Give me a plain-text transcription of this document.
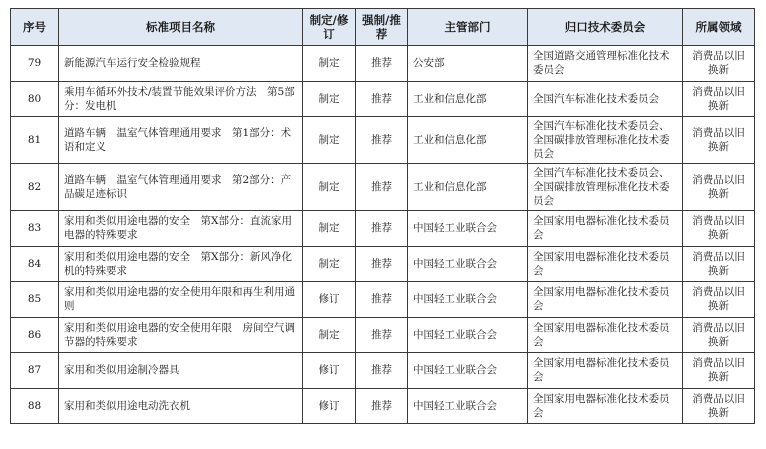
序号	标准项目名称	制定/修订	强制/推荐	主管部门	归口技术委员会	所属领域
79	新能源汽车运行安全检验规程	制定	推荐	公安部	全国道路交通管理标准化技术委员会	消费品以旧换新
80	乘用车循环外技术/装置节能效果评价方法　第5部分：发电机	制定	推荐	工业和信息化部	全国汽车标准化技术委员会	消费品以旧换新
81	道路车辆　温室气体管理通用要求　第1部分：术语和定义	制定	推荐	工业和信息化部	全国汽车标准化技术委员会、全国碳排放管理标准化技术委员会	消费品以旧换新
82	道路车辆　温室气体管理通用要求　第2部分：产品碳足迹标识	制定	推荐	工业和信息化部	全国汽车标准化技术委员会、全国碳排放管理标准化技术委员会	消费品以旧换新
83	家用和类似用途电器的安全　第X部分：直流家用电器的特殊要求	制定	推荐	中国轻工业联合会	全国家用电器标准化技术委员会	消费品以旧换新
84	家用和类似用途电器的安全　第X部分：新风净化机的特殊要求	制定	推荐	中国轻工业联合会	全国家用电器标准化技术委员会	消费品以旧换新
85	家用和类似用途电器的安全使用年限和再生利用通则	修订	推荐	中国轻工业联合会	全国家用电器标准化技术委员会	消费品以旧换新
86	家用和类似用途电器的安全使用年限　房间空气调节器的特殊要求	制定	推荐	中国轻工业联合会	全国家用电器标准化技术委员会	消费品以旧换新
87	家用和类似用途制冷器具	修订	推荐	中国轻工业联合会	全国家用电器标准化技术委员会	消费品以旧换新
88	家用和类似用途电动洗衣机	修订	推荐	中国轻工业联合会	全国家用电器标准化技术委员会	消费品以旧换新
